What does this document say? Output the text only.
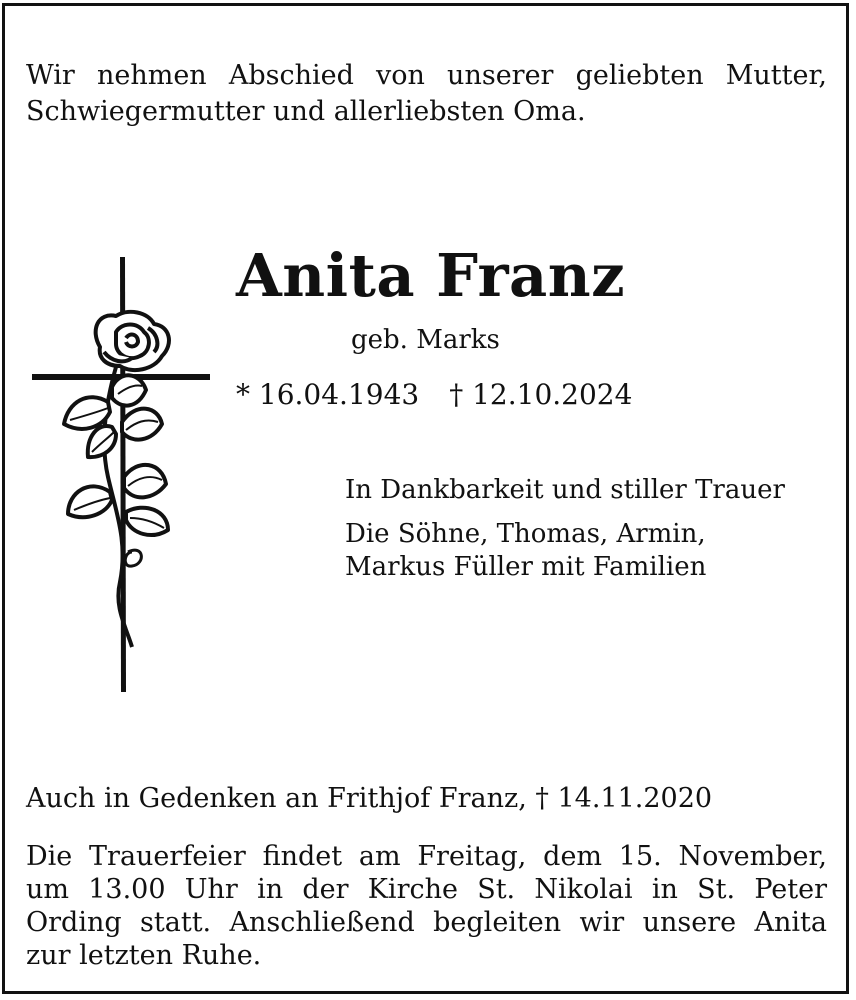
Wir nehmen Abschied von unserer geliebten Mutter,
Schwiegermutter und allerliebsten Oma.
Anita Franz
geb. Marks
* 16.04.1943 † 12.10.2024
In Dankbarkeit und stiller Trauer
Die Söhne, Thomas, Armin,
Markus Füller mit Familien
Auch in Gedenken an Frithjof Franz, † 14.11.2020
Die Trauerfeier findet am Freitag, dem 15. November,
um 13.00 Uhr in der Kirche St. Nikolai in St. Peter
Ording statt. Anschließend begleiten wir unsere Anita
zur letzten Ruhe.
